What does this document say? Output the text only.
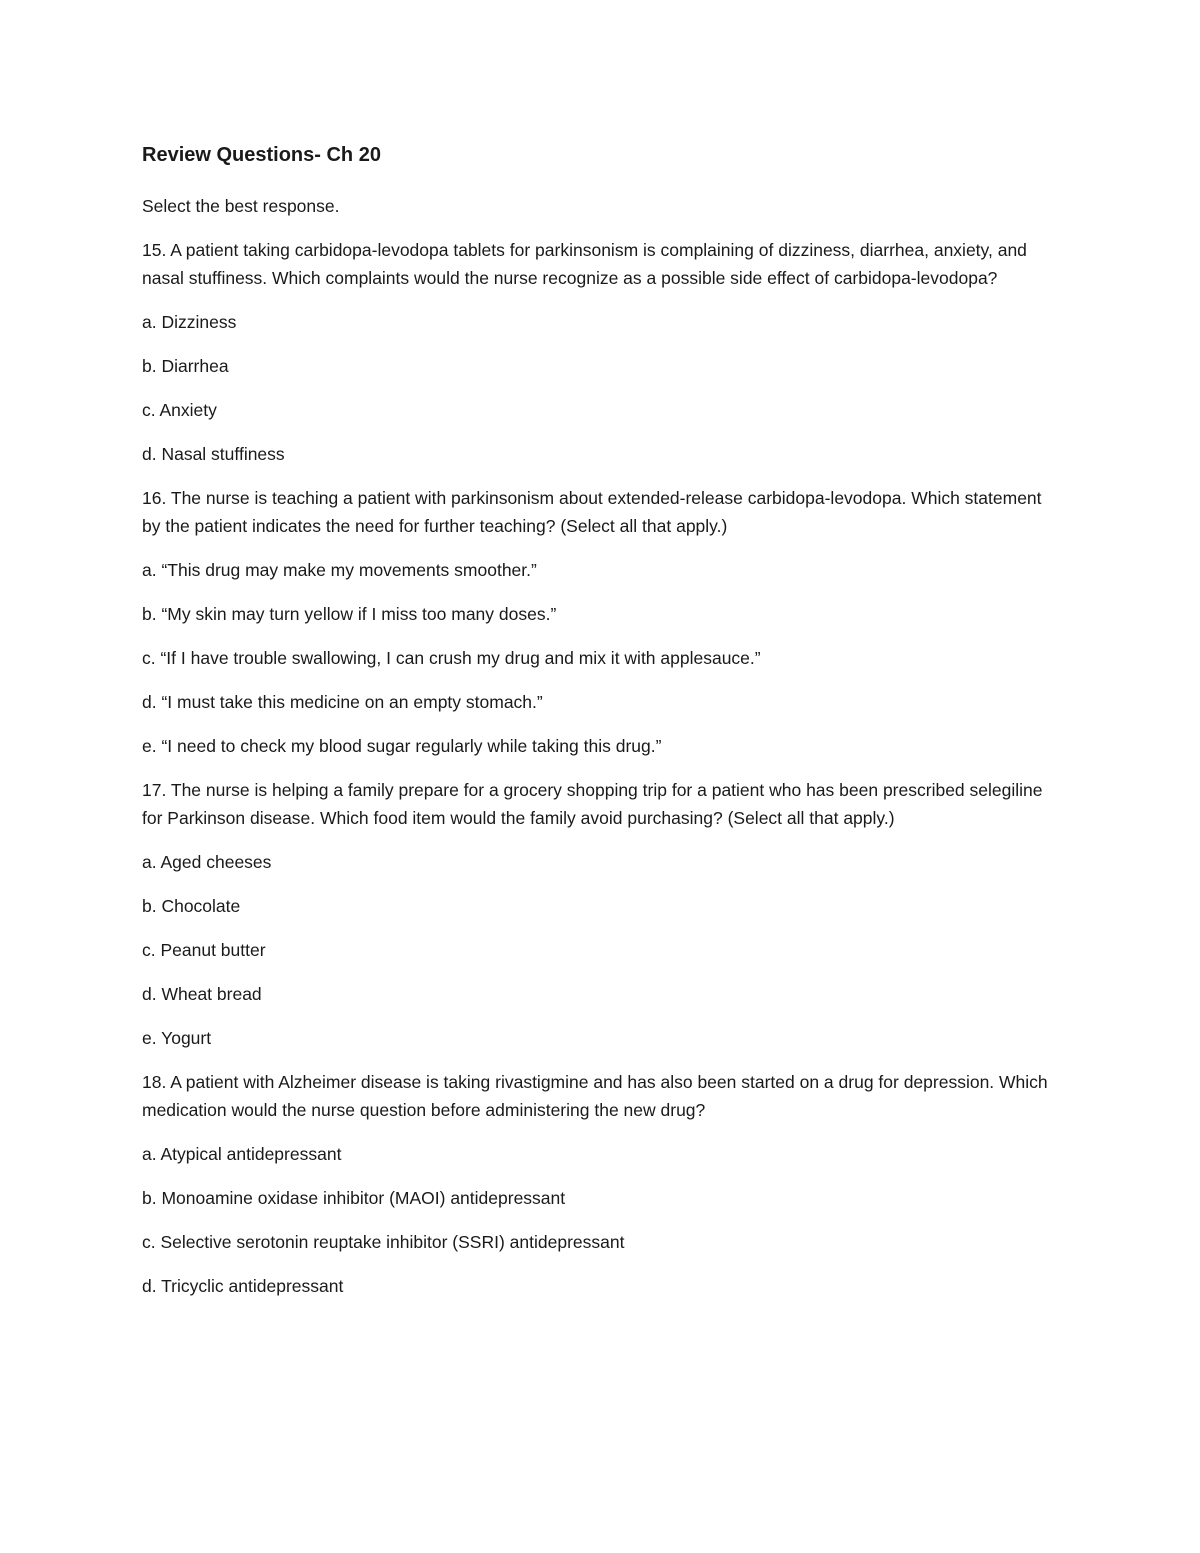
Review Questions- Ch 20
Select the best response.
15. A patient taking carbidopa-levodopa tablets for parkinsonism is complaining of dizziness, diarrhea, anxiety, and nasal stuffiness. Which complaints would the nurse recognize as a possible side effect of carbidopa-levodopa?
a. Dizziness
b. Diarrhea
c. Anxiety
d. Nasal stuffiness
16. The nurse is teaching a patient with parkinsonism about extended-release carbidopa-levodopa. Which statement by the patient indicates the need for further teaching? (Select all that apply.)
a. “This drug may make my movements smoother.”
b. “My skin may turn yellow if I miss too many doses.”
c. “If I have trouble swallowing, I can crush my drug and mix it with applesauce.”
d. “I must take this medicine on an empty stomach.”
e. “I need to check my blood sugar regularly while taking this drug.”
17. The nurse is helping a family prepare for a grocery shopping trip for a patient who has been prescribed selegiline for Parkinson disease. Which food item would the family avoid purchasing? (Select all that apply.)
a. Aged cheeses
b. Chocolate
c. Peanut butter
d. Wheat bread
e. Yogurt
18. A patient with Alzheimer disease is taking rivastigmine and has also been started on a drug for depression. Which medication would the nurse question before administering the new drug?
a. Atypical antidepressant
b. Monoamine oxidase inhibitor (MAOI) antidepressant
c. Selective serotonin reuptake inhibitor (SSRI) antidepressant
d. Tricyclic antidepressant
